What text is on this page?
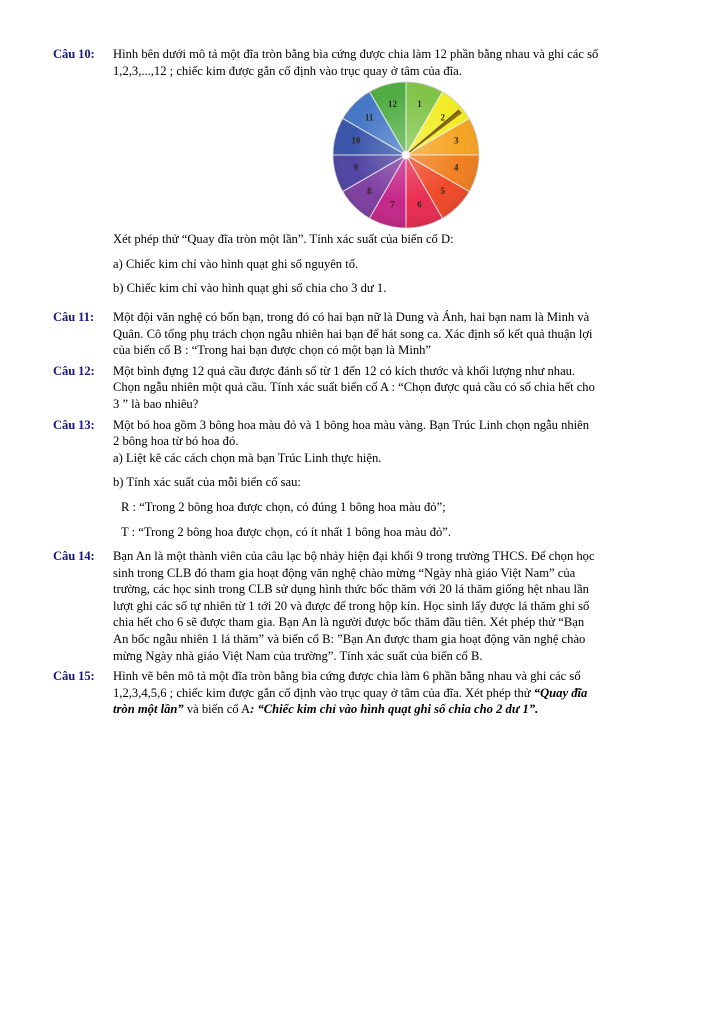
Câu 10:	Hình bên dưới mô tả một đĩa tròn bằng bìa cứng được chia làm 12 phần bằng nhau và ghi các số

1,2,3,...,12 ; chiếc kim được gắn cố định vào trục quay ở tâm của đĩa.

1
2
3
4
5
6
7
8
9
10
11
12

Xét phép thử “Quay đĩa tròn một lần”. Tính xác suất của biến cố D:

a) Chiếc kim chỉ vào hình quạt ghi số nguyên tố.

b) Chiếc kim chỉ vào hình quạt ghi số chia cho 3 dư 1.

Câu 11:	Một đội văn nghệ có bốn bạn, trong đó có hai bạn nữ là Dung và Ánh, hai bạn nam là Minh và

Quân. Cô tổng phụ trách chọn ngẫu nhiên hai bạn để hát song ca. Xác định số kết quả thuận lợi

của biến cố B : “Trong hai bạn được chọn có một bạn là Minh”

Câu 12:	Một bình đựng 12 quả cầu được đánh số từ 1 đến 12 có kích thước và khối lượng như nhau.

Chọn ngẫu nhiên một quả cầu. Tính xác suất biến cố A : “Chọn được quả cầu có số chia hết cho

3 ” là bao nhiêu?

Câu 13:	Một bó hoa gồm 3 bông hoa màu đỏ và 1 bông hoa màu vàng. Bạn Trúc Linh chọn ngẫu nhiên

2 bông hoa từ bó hoa đó.

a) Liệt kê các cách chọn mà bạn Trúc Linh thực hiện.

b) Tính xác suất của mỗi biến cố sau:

R : “Trong 2 bông hoa được chọn, có đúng 1 bông hoa màu đỏ”;

T : “Trong 2 bông hoa được chọn, có ít nhất 1 bông hoa màu đỏ”.

Câu 14:	Bạn An là một thành viên của câu lạc bộ nhảy hiện đại khối 9 trong trường THCS. Để chọn học

sinh trong CLB đó tham gia hoạt động văn nghệ chào mừng “Ngày nhà giáo Việt Nam” của

trường, các học sinh trong CLB sử dụng hình thức bốc thăm với 20 lá thăm giống hệt nhau lần

lượt ghi các số tự nhiên từ 1 tới 20 và được để trong hộp kín. Học sinh lấy được lá thăm ghi số

chia hết cho 6 sẽ được tham gia. Bạn An là người được bốc thăm đầu tiên. Xét phép thử “Bạn

An bốc ngẫu nhiên 1 lá thăm” và biến cố B: ”Bạn An được tham gia hoạt động văn nghệ chào

mừng Ngày nhà giáo Việt Nam của trường”. Tính xác suất của biến cố B.

Câu 15:	Hình vẽ bên mô tả một đĩa tròn bằng bìa cứng được chia làm 6 phần bằng nhau và ghi các số

1,2,3,4,5,6 ; chiếc kim được gắn cố định vào trục quay ở tâm của đĩa. Xét phép thử “Quay đĩa

tròn một lần” và biến cố A: “Chiếc kim chỉ vào hình quạt ghi số chia cho 2 dư 1”.
